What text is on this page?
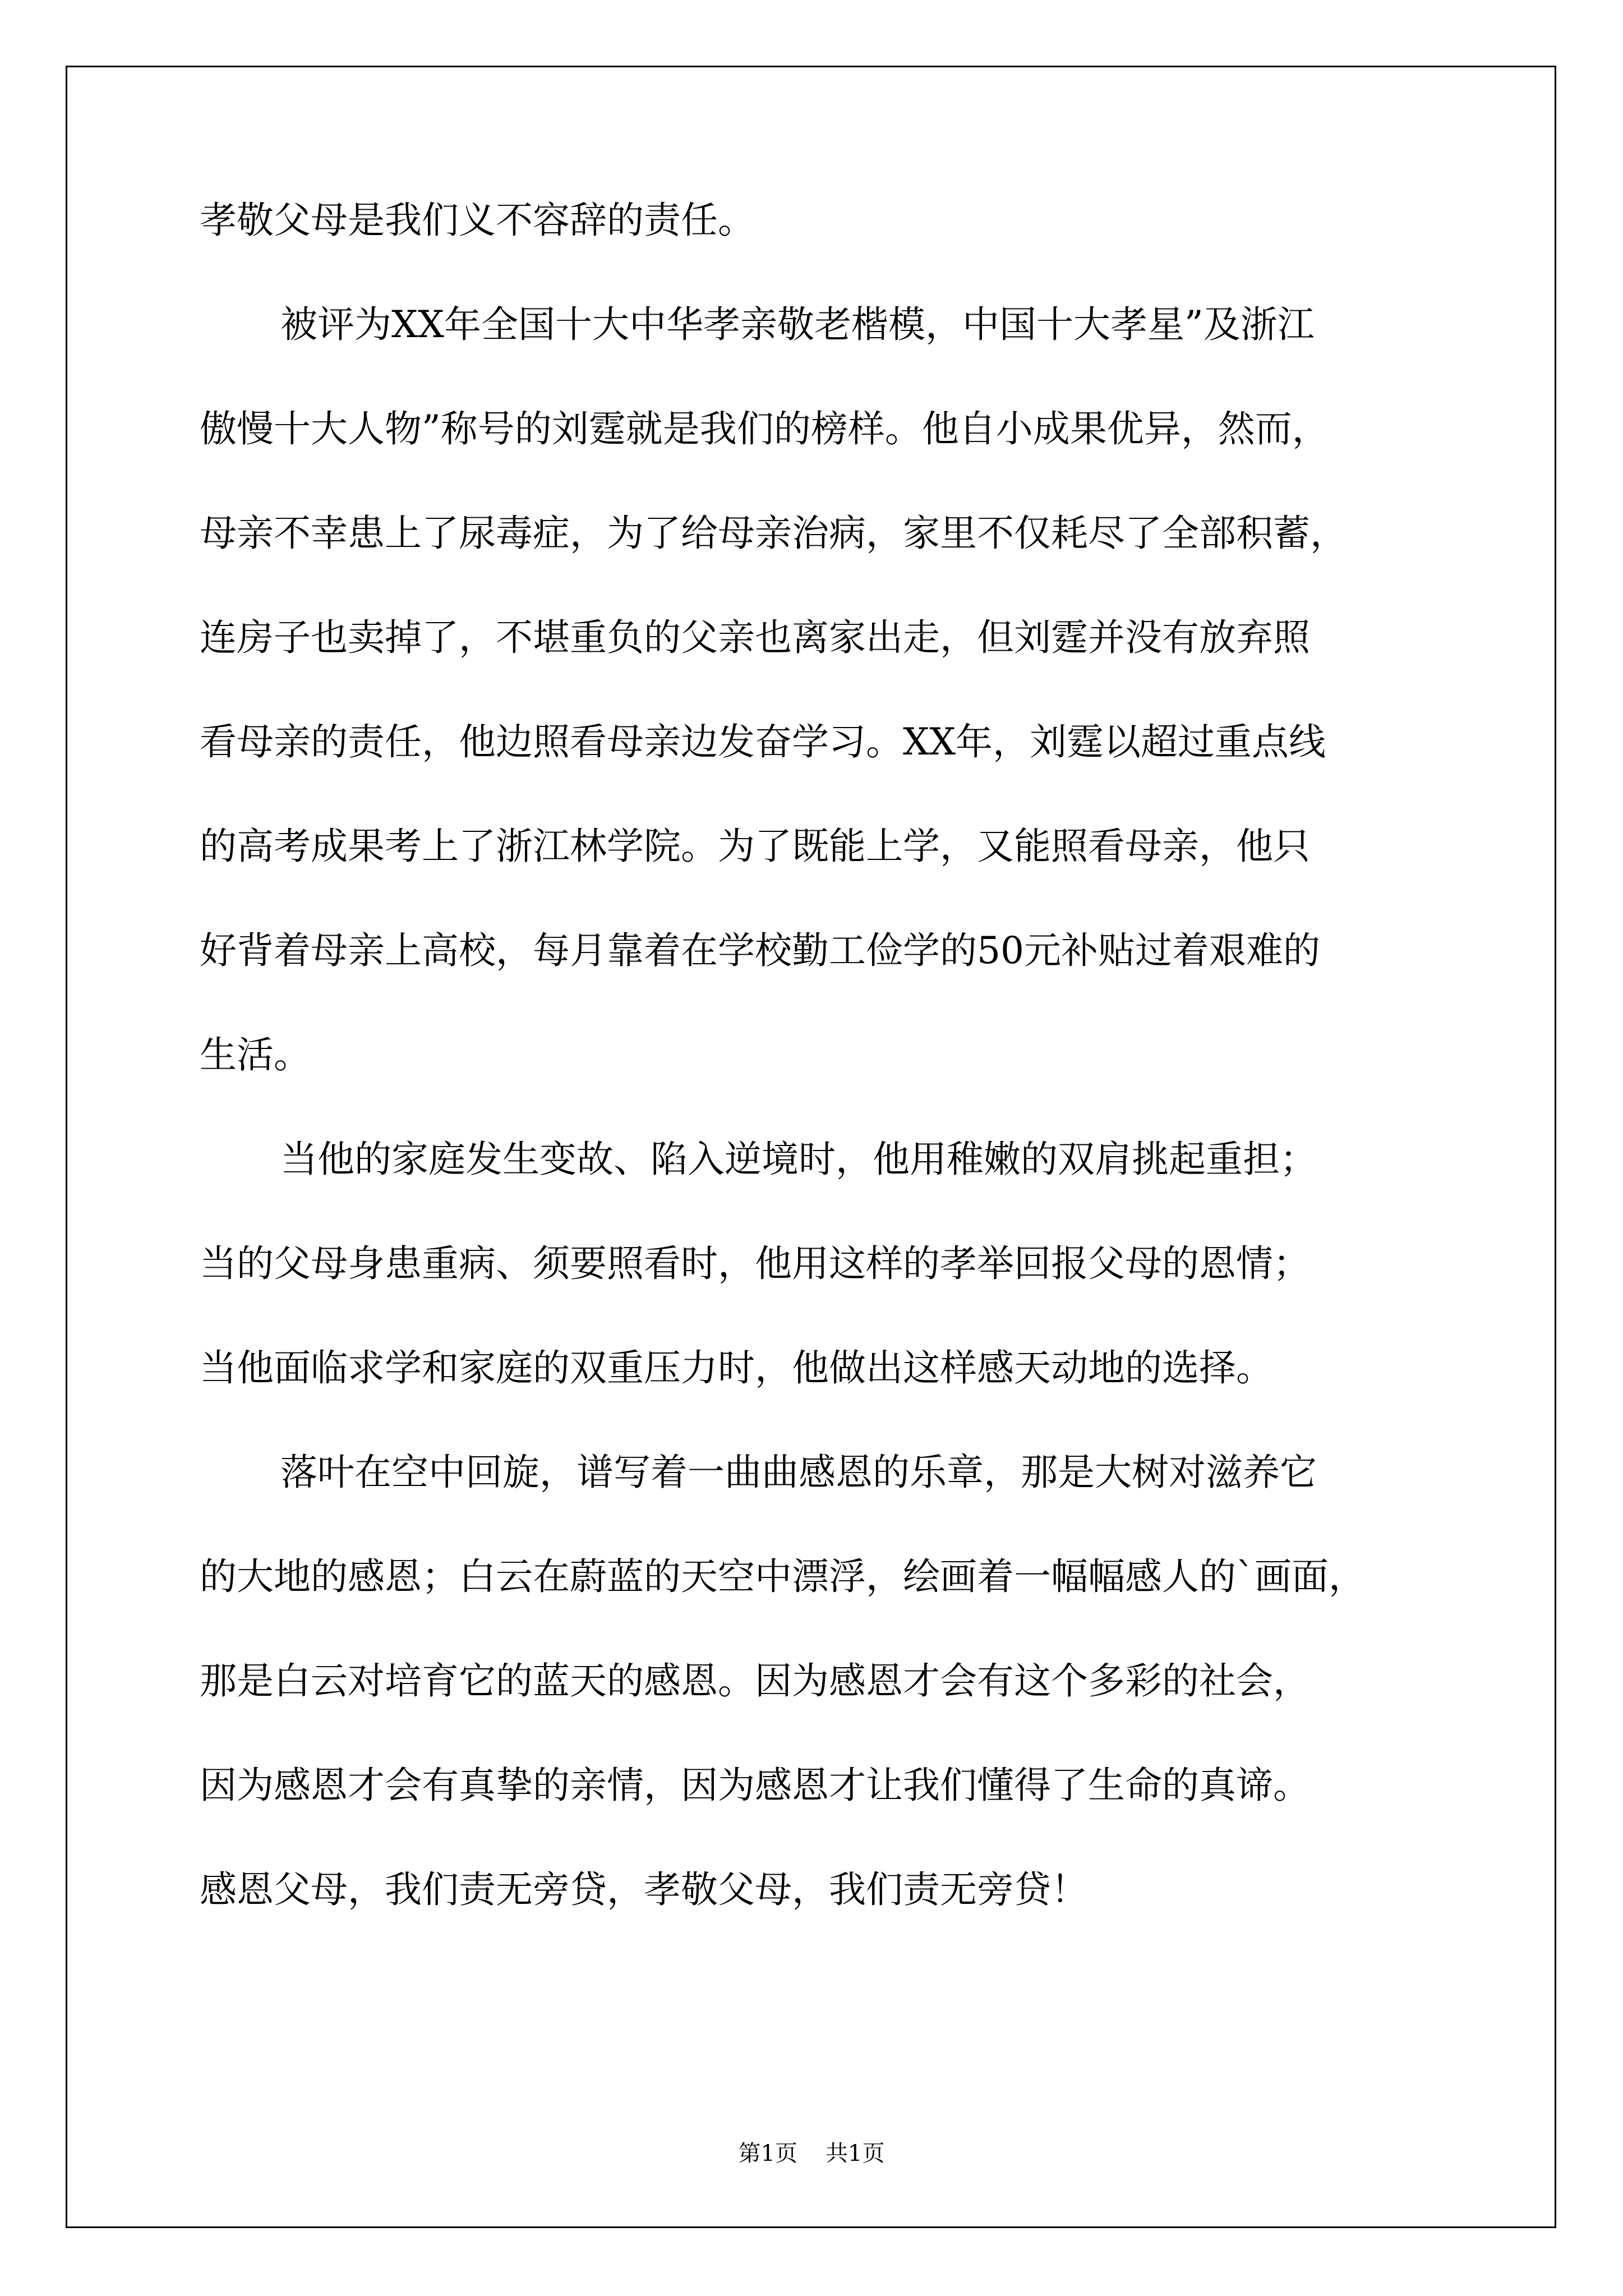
孝敬父母是我们义不容辞的责任。
被评为XX年全国十大中华孝亲敬老楷模，中国十大孝星”及浙江
傲慢十大人物”称号的刘霆就是我们的榜样。他自小成果优异，然而，
母亲不幸患上了尿毒症，为了给母亲治病，家里不仅耗尽了全部积蓄，
连房子也卖掉了，不堪重负的父亲也离家出走，但刘霆并没有放弃照
看母亲的责任，他边照看母亲边发奋学习。XX年，刘霆以超过重点线
的高考成果考上了浙江林学院。为了既能上学，又能照看母亲，他只
好背着母亲上高校，每月靠着在学校勤工俭学的50元补贴过着艰难的
生活。
当他的家庭发生变故、陷入逆境时，他用稚嫩的双肩挑起重担；
当的父母身患重病、须要照看时，他用这样的孝举回报父母的恩情；
当他面临求学和家庭的双重压力时，他做出这样感天动地的选择。
落叶在空中回旋，谱写着一曲曲感恩的乐章，那是大树对滋养它
的大地的感恩；白云在蔚蓝的天空中漂浮，绘画着一幅幅感人的`画面，
那是白云对培育它的蓝天的感恩。因为感恩才会有这个多彩的社会，
因为感恩才会有真挚的亲情，因为感恩才让我们懂得了生命的真谛。
感恩父母，我们责无旁贷，孝敬父母，我们责无旁贷！
第1页 共1页
